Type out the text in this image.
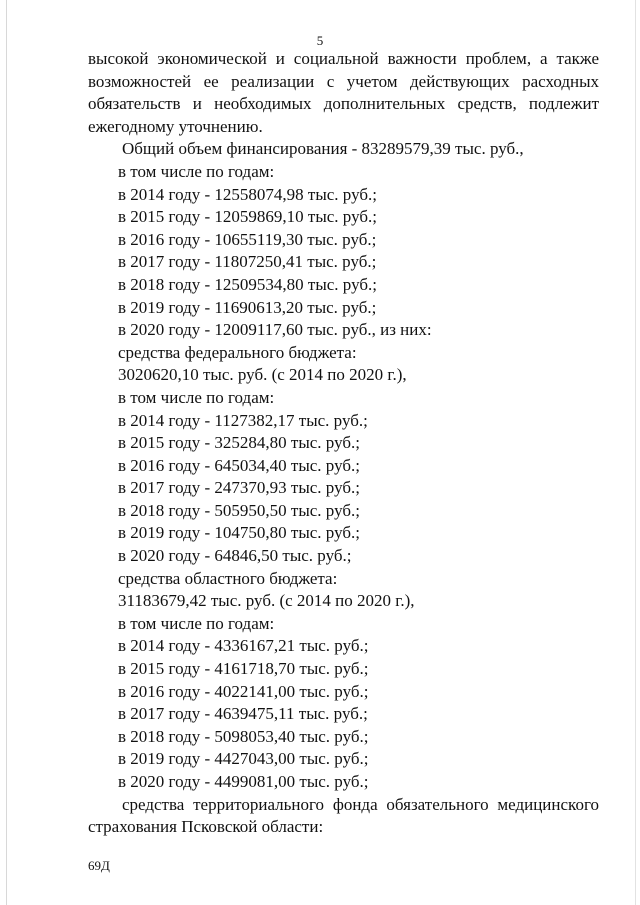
5
высокой экономической и социальной важности проблем, а также
возможностей ее реализации с учетом действующих расходных
обязательств и необходимых дополнительных средств, подлежит
ежегодному уточнению.
Общий объем финансирования - 83289579,39 тыс. руб.,
в том числе по годам:
в 2014 году - 12558074,98 тыс. руб.;
в 2015 году - 12059869,10 тыс. руб.;
в 2016 году - 10655119,30 тыс. руб.;
в 2017 году - 11807250,41 тыс. руб.;
в 2018 году - 12509534,80 тыс. руб.;
в 2019 году - 11690613,20 тыс. руб.;
в 2020 году - 12009117,60 тыс. руб., из них:
средства федерального бюджета:
3020620,10 тыс. руб. (с 2014 по 2020 г.),
в том числе по годам:
в 2014 году - 1127382,17 тыс. руб.;
в 2015 году - 325284,80 тыс. руб.;
в 2016 году - 645034,40 тыс. руб.;
в 2017 году - 247370,93 тыс. руб.;
в 2018 году - 505950,50 тыс. руб.;
в 2019 году - 104750,80 тыс. руб.;
в 2020 году - 64846,50 тыс. руб.;
средства областного бюджета:
31183679,42 тыс. руб. (с 2014 по 2020 г.),
в том числе по годам:
в 2014 году - 4336167,21 тыс. руб.;
в 2015 году - 4161718,70 тыс. руб.;
в 2016 году - 4022141,00 тыс. руб.;
в 2017 году - 4639475,11 тыс. руб.;
в 2018 году - 5098053,40 тыс. руб.;
в 2019 году - 4427043,00 тыс. руб.;
в 2020 году - 4499081,00 тыс. руб.;
средства территориального фонда обязательного медицинского
страхования Псковской области:
69Д
